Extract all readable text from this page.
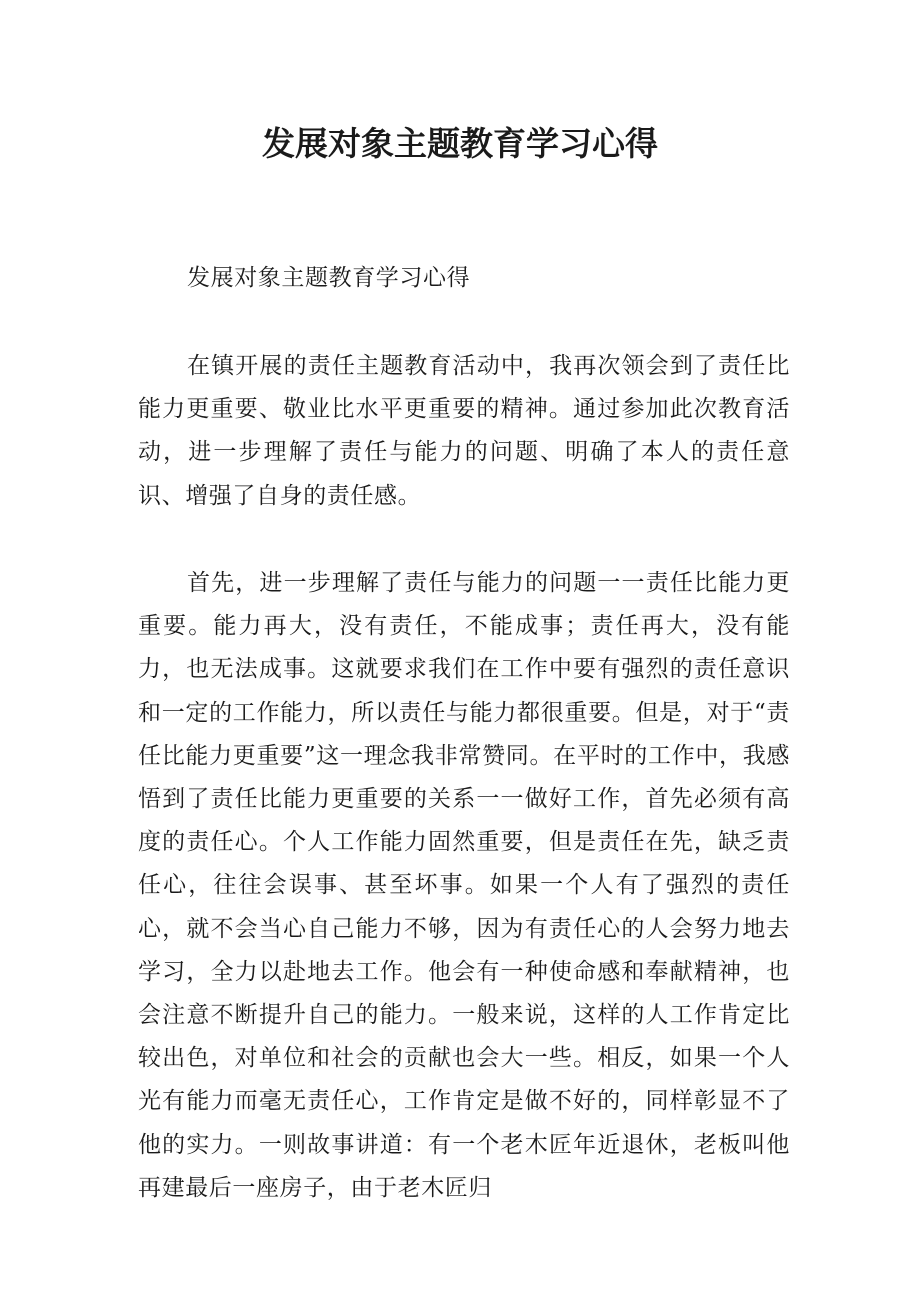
发展对象主题教育学习心得

发展对象主题教育学习心得

在镇开展的责任主题教育活动中，我再次领会到了责任比能力更重要、敬业比水平更重要的精神。通过参加此次教育活动，进一步理解了责任与能力的问题、明确了本人的责任意识、增强了自身的责任感。

首先，进一步理解了责任与能力的问题一一责任比能力更重要。能力再大，没有责任，不能成事；责任再大，没有能力，也无法成事。这就要求我们在工作中要有强烈的责任意识和一定的工作能力，所以责任与能力都很重要。但是，对于“责任比能力更重要”这一理念我非常赞同。在平时的工作中，我感悟到了责任比能力更重要的关系一一做好工作，首先必须有高度的责任心。个人工作能力固然重要，但是责任在先，缺乏责任心，往往会误事、甚至坏事。如果一个人有了强烈的责任心，就不会当心自己能力不够，因为有责任心的人会努力地去学习，全力以赴地去工作。他会有一种使命感和奉献精神，也会注意不断提升自己的能力。一般来说，这样的人工作肯定比较出色，对单位和社会的贡献也会大一些。相反，如果一个人光有能力而毫无责任心，工作肯定是做不好的，同样彰显不了他的实力。一则故事讲道：有一个老木匠年近退休，老板叫他再建最后一座房子，由于老木匠归
